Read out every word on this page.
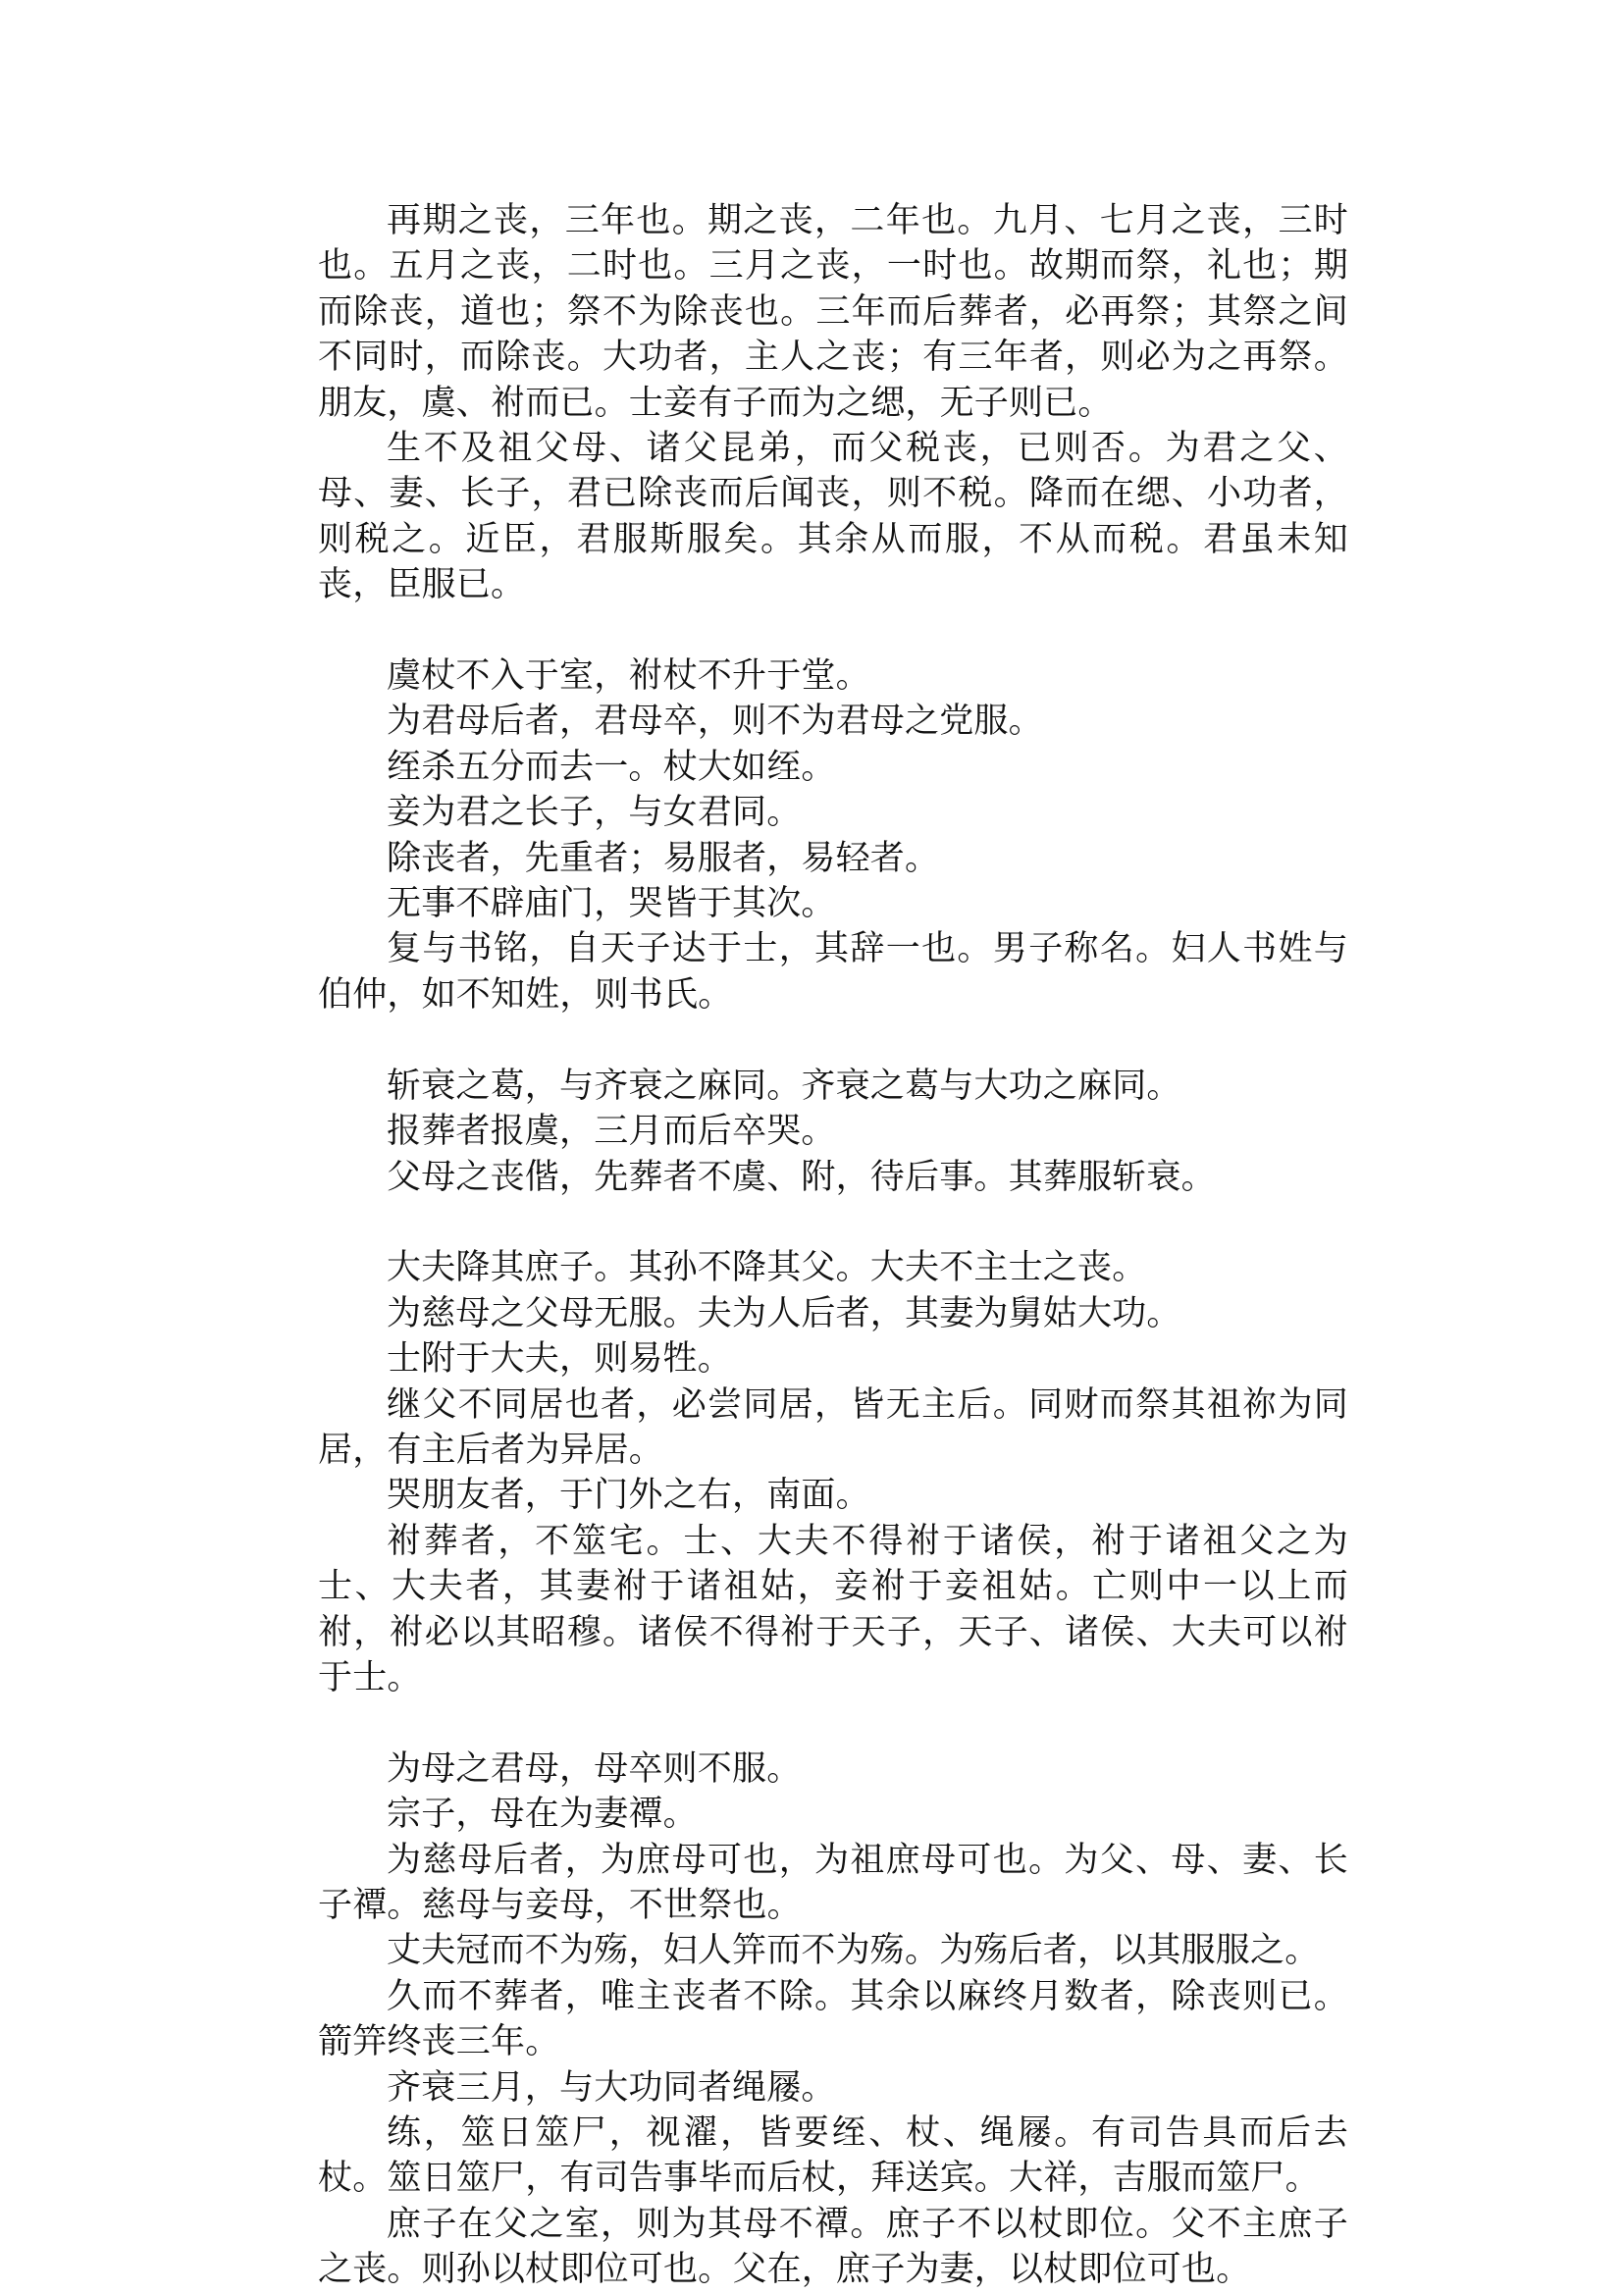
再期之丧，三年也。期之丧，二年也。九月、七月之丧，三时也。五月之丧，二时也。三月之丧，一时也。故期而祭，礼也；期而除丧，道也；祭不为除丧也。三年而后葬者，必再祭；其祭之间不同时，而除丧。大功者，主人之丧；有三年者，则必为之再祭。朋友，虞、祔而已。士妾有子而为之缌，无子则已。

生不及祖父母、诸父昆弟，而父税丧，已则否。为君之父、母、妻、长子，君已除丧而后闻丧，则不税。降而在缌、小功者，则税之。近臣，君服斯服矣。其余从而服，不从而税。君虽未知丧，臣服已。

虞杖不入于室，祔杖不升于堂。

为君母后者，君母卒，则不为君母之党服。

绖杀五分而去一。杖大如绖。

妾为君之长子，与女君同。

除丧者，先重者；易服者，易轻者。

无事不辟庙门，哭皆于其次。

复与书铭，自天子达于士，其辞一也。男子称名。妇人书姓与伯仲，如不知姓，则书氏。

斩衰之葛，与齐衰之麻同。齐衰之葛与大功之麻同。

报葬者报虞，三月而后卒哭。

父母之丧偕，先葬者不虞、附，待后事。其葬服斩衰。

大夫降其庶子。其孙不降其父。大夫不主士之丧。

为慈母之父母无服。夫为人后者，其妻为舅姑大功。

士附于大夫，则易牲。

继父不同居也者，必尝同居，皆无主后。同财而祭其祖祢为同居，有主后者为异居。

哭朋友者，于门外之右，南面。

祔葬者，不筮宅。士、大夫不得祔于诸侯，祔于诸祖父之为士、大夫者，其妻祔于诸祖姑，妾祔于妾祖姑。亡则中一以上而祔，祔必以其昭穆。诸侯不得祔于天子，天子、诸侯、大夫可以祔于士。

为母之君母，母卒则不服。

宗子，母在为妻禫。

为慈母后者，为庶母可也，为祖庶母可也。为父、母、妻、长子禫。慈母与妾母，不世祭也。

丈夫冠而不为殇，妇人笄而不为殇。为殇后者，以其服服之。

久而不葬者，唯主丧者不除。其余以麻终月数者，除丧则已。箭笄终丧三年。

齐衰三月，与大功同者绳屦。

练，筮日筮尸，视濯，皆要绖、杖、绳屦。有司告具而后去杖。筮日筮尸，有司告事毕而后杖，拜送宾。大祥，吉服而筮尸。

庶子在父之室，则为其母不禫。庶子不以杖即位。父不主庶子之丧。则孙以杖即位可也。父在，庶子为妻，以杖即位可也。
